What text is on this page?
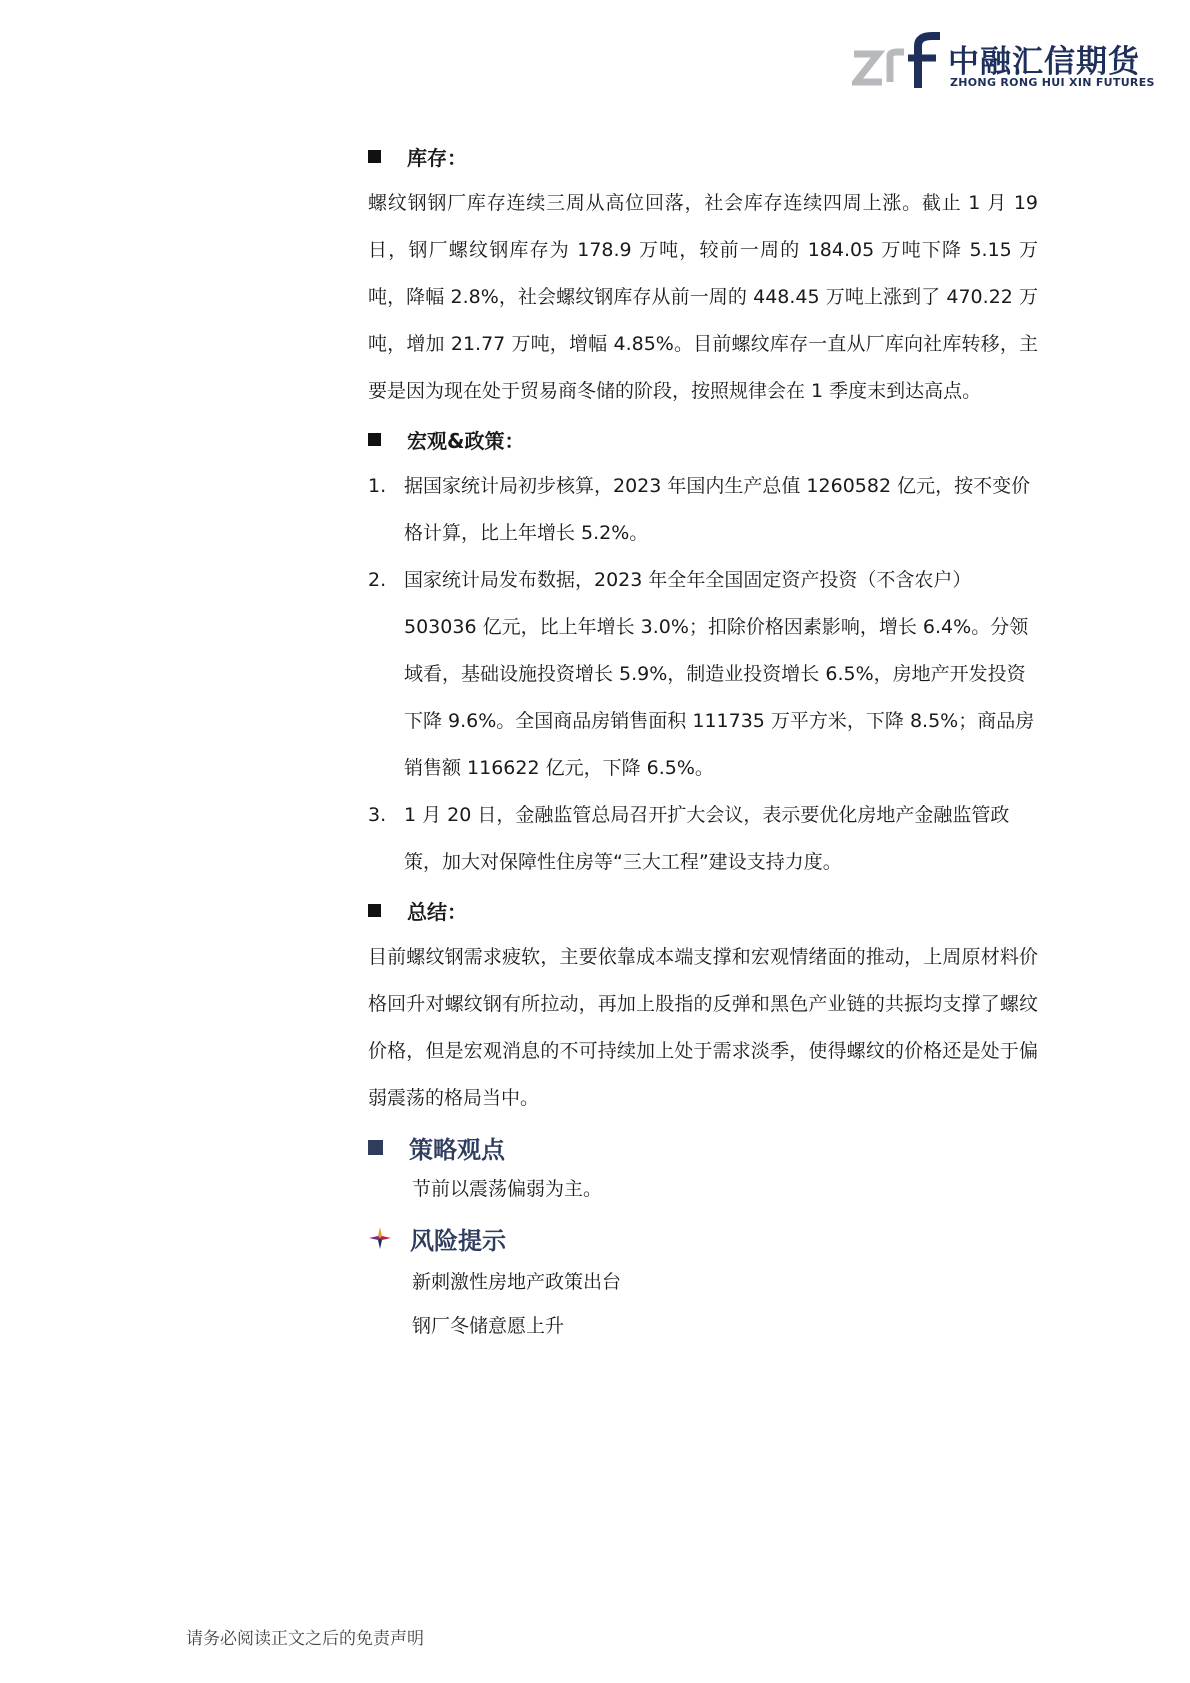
中融汇信期货
ZHONG RONG HUI XIN FUTURES
库存：

螺纹钢钢厂库存连续三周从高位回落，社会库存连续四周上涨。截止 1 月 19 日，钢厂螺纹钢库存为 178.9 万吨，较前一周的 184.05 万吨下降 5.15 万吨，降幅 2.8%，社会螺纹钢库存从前一周的 448.45 万吨上涨到了 470.22 万吨，增加 21.77 万吨，增幅 4.85%。目前螺纹库存一直从厂库向社库转移，主要是因为现在处于贸易商冬储的阶段，按照规律会在 1 季度末到达高点。

宏观&政策：
1. 据国家统计局初步核算，2023 年国内生产总值 1260582 亿元，按不变价格计算，比上年增长 5.2%。
2. 国家统计局发布数据，2023 年全年全国固定资产投资（不含农户）503036 亿元，比上年增长 3.0%；扣除价格因素影响，增长 6.4%。分领域看，基础设施投资增长 5.9%，制造业投资增长 6.5%，房地产开发投资下降 9.6%。全国商品房销售面积 111735 万平方米，下降 8.5%；商品房销售额 116622 亿元，下降 6.5%。
3. 1 月 20 日，金融监管总局召开扩大会议，表示要优化房地产金融监管政策，加大对保障性住房等“三大工程”建设支持力度。
总结：

目前螺纹钢需求疲软，主要依靠成本端支撑和宏观情绪面的推动，上周原材料价格回升对螺纹钢有所拉动，再加上股指的反弹和黑色产业链的共振均支撑了螺纹价格，但是宏观消息的不可持续加上处于需求淡季，使得螺纹的价格还是处于偏弱震荡的格局当中。

策略观点

节前以震荡偏弱为主。

风险提示

新刺激性房地产政策出台

钢厂冬储意愿上升

请务必阅读正文之后的免责声明
